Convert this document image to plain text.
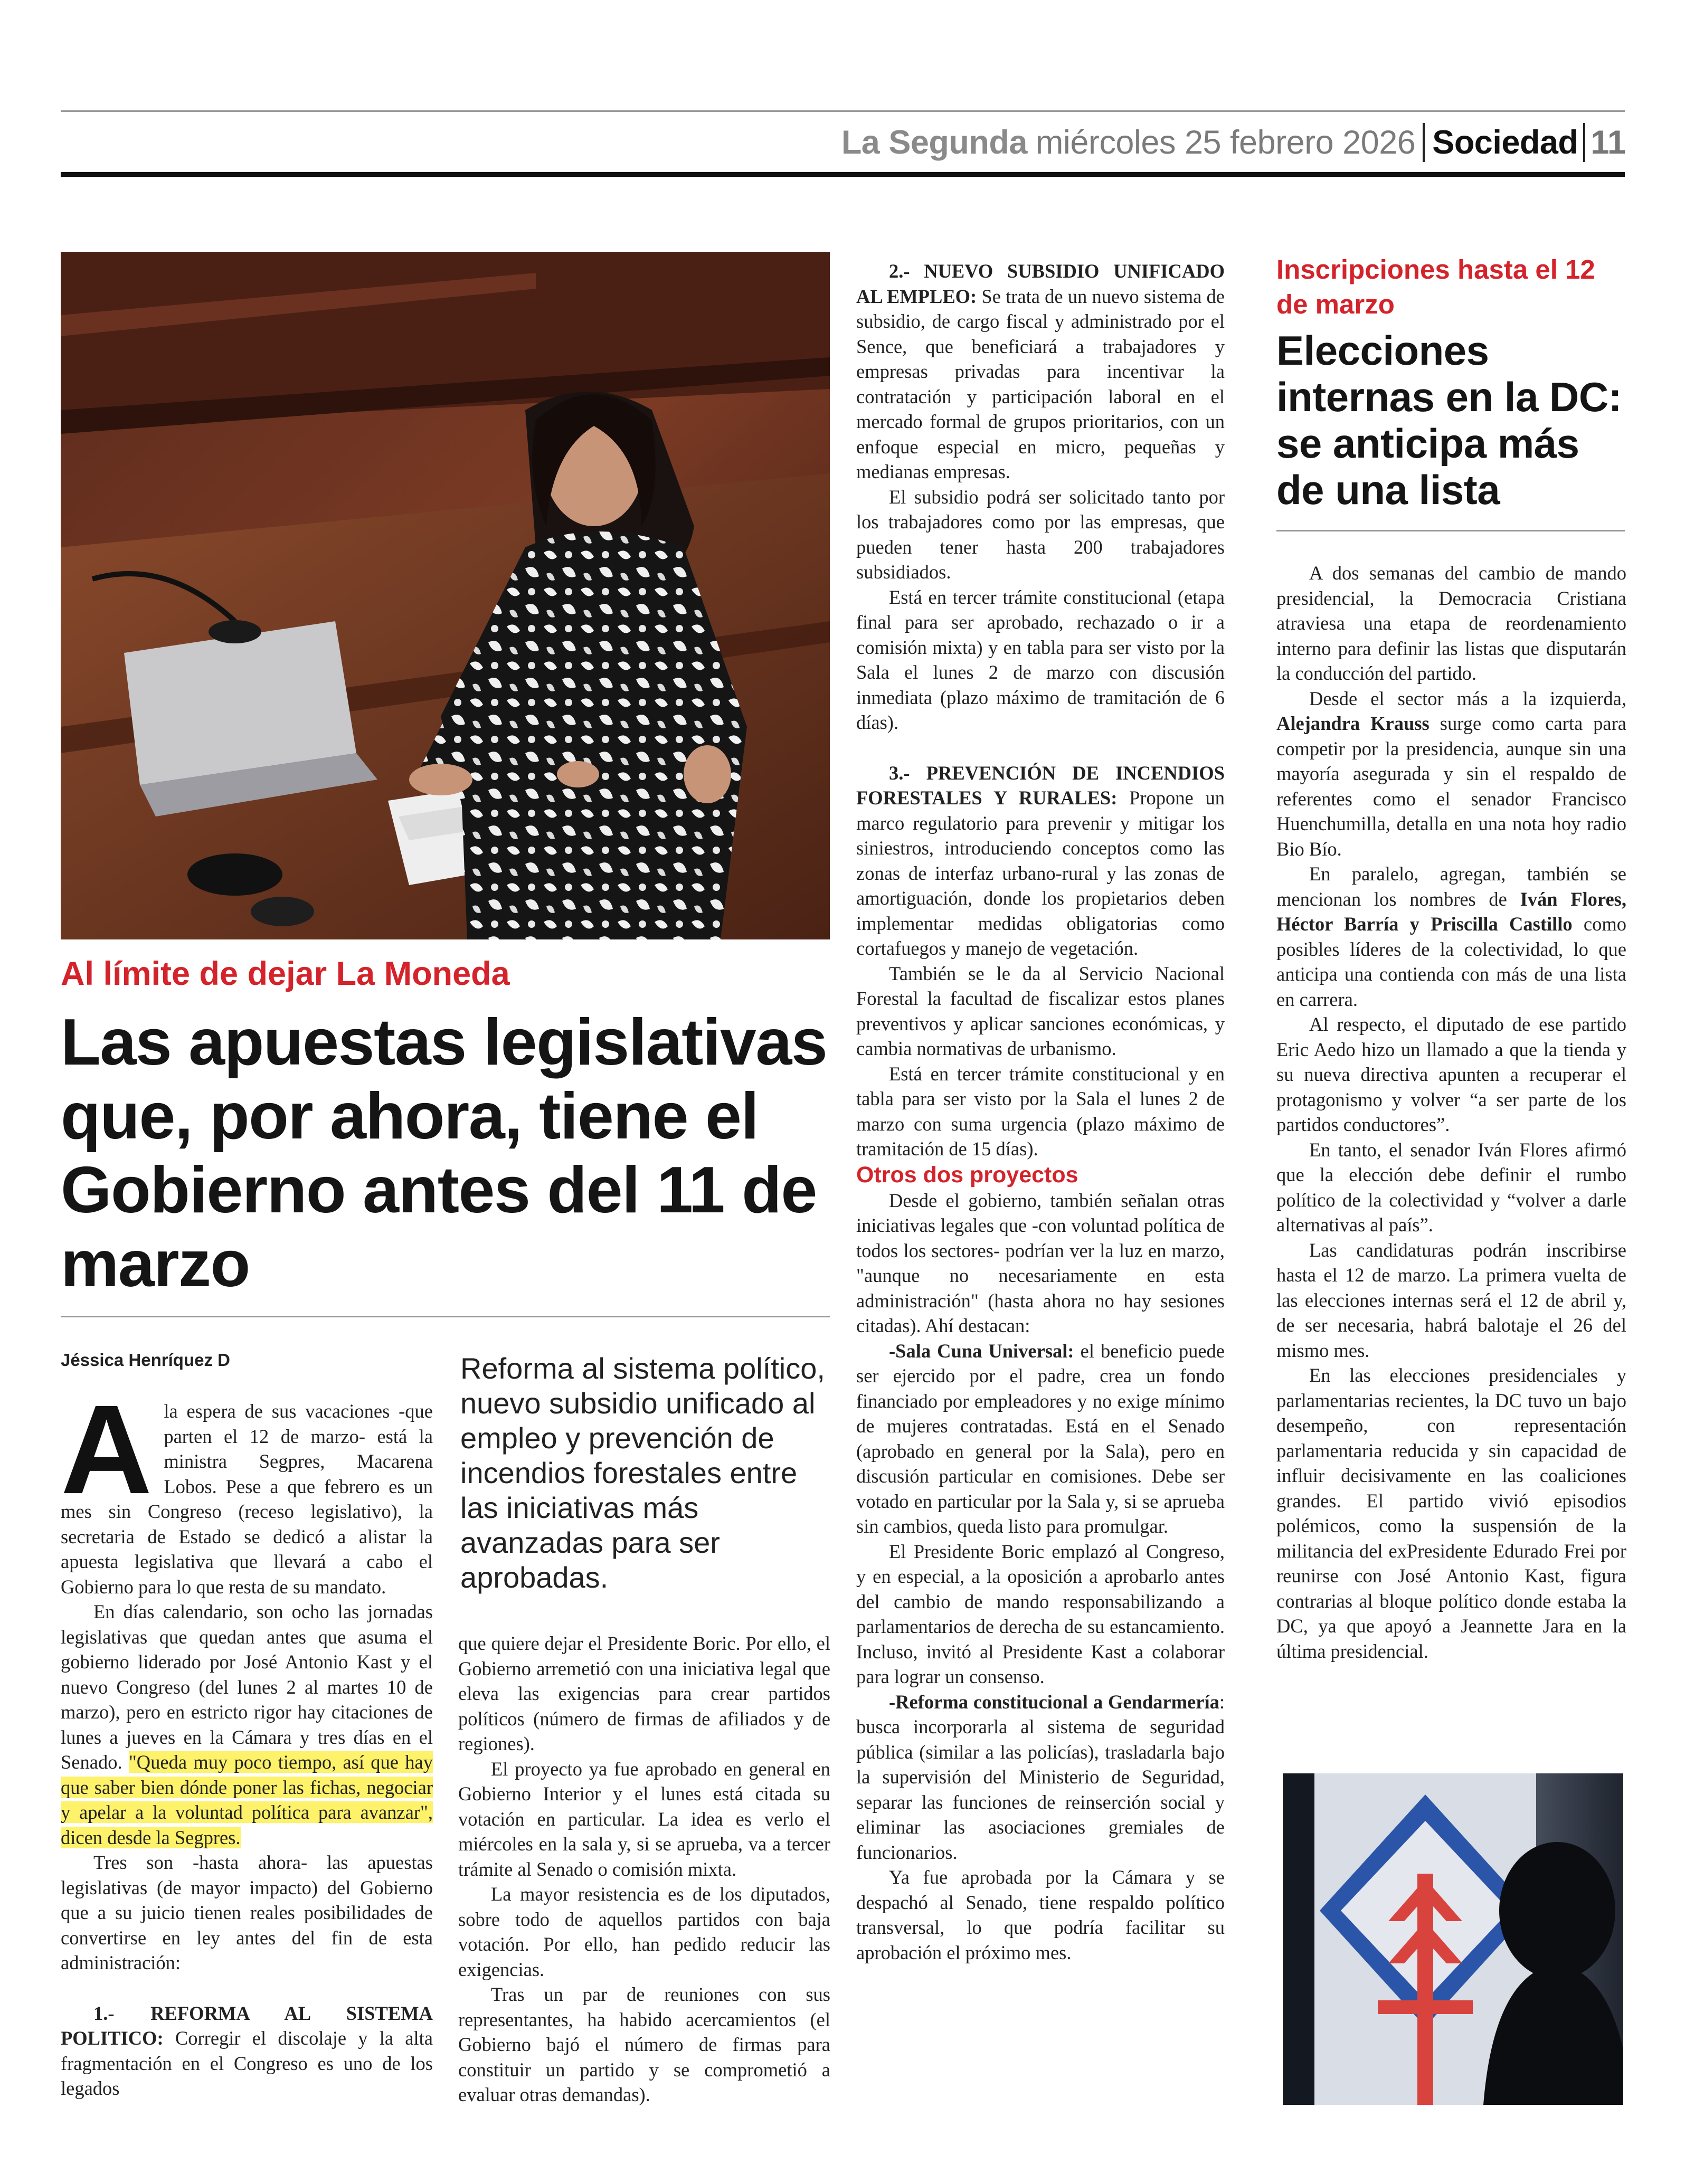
La Segunda miércoles 25 febrero 2026 Sociedad 11
Al límite de dejar La Moneda
Las apuestas legislativas que, por ahora, tiene el Gobierno antes del 11 de marzo
Jéssica Henríquez D
A la espera de sus vacaciones -que parten el 12 de marzo- está la ministra Segpres, Macarena Lobos. Pese a que febrero es un mes sin Congreso (receso legislativo), la secretaria de Estado se dedicó a alistar la apuesta legislativa que llevará a cabo el Gobierno para lo que resta de su mandato.

En días calendario, son ocho las jornadas legislativas que quedan antes que asuma el gobierno liderado por José Antonio Kast y el nuevo Congreso (del lunes 2 al martes 10 de marzo), pero en estricto rigor hay citaciones de lunes a jueves en la Cámara y tres días en el Senado. "Queda muy poco tiempo, así que hay que saber bien dónde poner las fichas, negociar y apelar a la voluntad política para avanzar", dicen desde la Segpres.

Tres son -hasta ahora- las apuestas legislativas (de mayor impacto) del Gobierno que a su juicio tienen reales posibilidades de convertirse en ley antes del fin de esta administración:

1.- REFORMA AL SISTEMA POLITICO: Corregir el discolaje y la alta fragmentación en el Congreso es uno de los legados

Reforma al sistema político, nuevo subsidio unificado al empleo y prevención de incendios forestales entre las iniciativas más avanzadas para ser aprobadas.

que quiere dejar el Presidente Boric. Por ello, el Gobierno arremetió con una iniciativa legal que eleva las exigencias para crear partidos políticos (número de firmas de afiliados y de regiones).

El proyecto ya fue aprobado en general en Gobierno Interior y el lunes está citada su votación en particular. La idea es verlo el miércoles en la sala y, si se aprueba, va a tercer trámite al Senado o comisión mixta.

La mayor resistencia es de los diputados, sobre todo de aquellos partidos con baja votación. Por ello, han pedido reducir las exigencias.

Tras un par de reuniones con sus representantes, ha habido acercamientos (el Gobierno bajó el número de firmas para constituir un partido y se comprometió a evaluar otras demandas).

2.- NUEVO SUBSIDIO UNIFICADO AL EMPLEO: Se trata de un nuevo sistema de subsidio, de cargo fiscal y administrado por el Sence, que beneficiará a trabajadores y empresas privadas para incentivar la contratación y participación laboral en el mercado formal de grupos prioritarios, con un enfoque especial en micro, pequeñas y medianas empresas.

El subsidio podrá ser solicitado tanto por los trabajadores como por las empresas, que pueden tener hasta 200 trabajadores subsidiados.

Está en tercer trámite constitucional (etapa final para ser aprobado, rechazado o ir a comisión mixta) y en tabla para ser visto por la Sala el lunes 2 de marzo con discusión inmediata (plazo máximo de tramitación de 6 días).

3.- PREVENCIÓN DE INCENDIOS FORESTALES Y RURALES: Propone un marco regulatorio para prevenir y mitigar los siniestros, introduciendo conceptos como las zonas de interfaz urbano-rural y las zonas de amortiguación, donde los propietarios deben implementar medidas obligatorias como cortafuegos y manejo de vegetación.

También se le da al Servicio Nacional Forestal la facultad de fiscalizar estos planes preventivos y aplicar sanciones económicas, y cambia normativas de urbanismo.

Está en tercer trámite constitucional y en tabla para ser visto por la Sala el lunes 2 de marzo con suma urgencia (plazo máximo de tramitación de 15 días).

Otros dos proyectos

Desde el gobierno, también señalan otras iniciativas legales que -con voluntad política de todos los sectores- podrían ver la luz en marzo, "aunque no necesariamente en esta administración" (hasta ahora no hay sesiones citadas). Ahí destacan:

-Sala Cuna Universal: el beneficio puede ser ejercido por el padre, crea un fondo financiado por empleadores y no exige mínimo de mujeres contratadas. Está en el Senado (aprobado en general por la Sala), pero en discusión particular en comisiones. Debe ser votado en particular por la Sala y, si se aprueba sin cambios, queda listo para promulgar.

El Presidente Boric emplazó al Congreso, y en especial, a la oposición a aprobarlo antes del cambio de mando responsabilizando a parlamentarios de derecha de su estancamiento. Incluso, invitó al Presidente Kast a colaborar para lograr un consenso.

-Reforma constitucional a Gendarmería: busca incorporarla al sistema de seguridad pública (similar a las policías), trasladarla bajo la supervisión del Ministerio de Seguridad, separar las funciones de reinserción social y eliminar las asociaciones gremiales de funcionarios.

Ya fue aprobada por la Cámara y se despachó al Senado, tiene respaldo político transversal, lo que podría facilitar su aprobación el próximo mes.

Inscripciones hasta el 12 de marzo
Elecciones internas en la DC: se anticipa más de una lista

A dos semanas del cambio de mando presidencial, la Democracia Cristiana atraviesa una etapa de reordenamiento interno para definir las listas que disputarán la conducción del partido.

Desde el sector más a la izquierda, Alejandra Krauss surge como carta para competir por la presidencia, aunque sin una mayoría asegurada y sin el respaldo de referentes como el senador Francisco Huenchumilla, detalla en una nota hoy radio Bio Bío.

En paralelo, agregan, también se mencionan los nombres de Iván Flores, Héctor Barría y Priscilla Castillo como posibles líderes de la colectividad, lo que anticipa una contienda con más de una lista en carrera.

Al respecto, el diputado de ese partido Eric Aedo hizo un llamado a que la tienda y su nueva directiva apunten a recuperar el protagonismo y volver “a ser parte de los partidos conductores”.

En tanto, el senador Iván Flores afirmó que la elección debe definir el rumbo político de la colectividad y “volver a darle alternativas al país”.

Las candidaturas podrán inscribirse hasta el 12 de marzo. La primera vuelta de las elecciones internas será el 12 de abril y, de ser necesaria, habrá balotaje el 26 del mismo mes.

En las elecciones presidenciales y parlamentarias recientes, la DC tuvo un bajo desempeño, con representación parlamentaria reducida y sin capacidad de influir decisivamente en las coaliciones grandes. El partido vivió episodios polémicos, como la suspensión de la militancia del exPresidente Edurado Frei por reunirse con José Antonio Kast, figura contrarias al bloque político donde estaba la DC, ya que apoyó a Jeannette Jara en la última presidencial.
